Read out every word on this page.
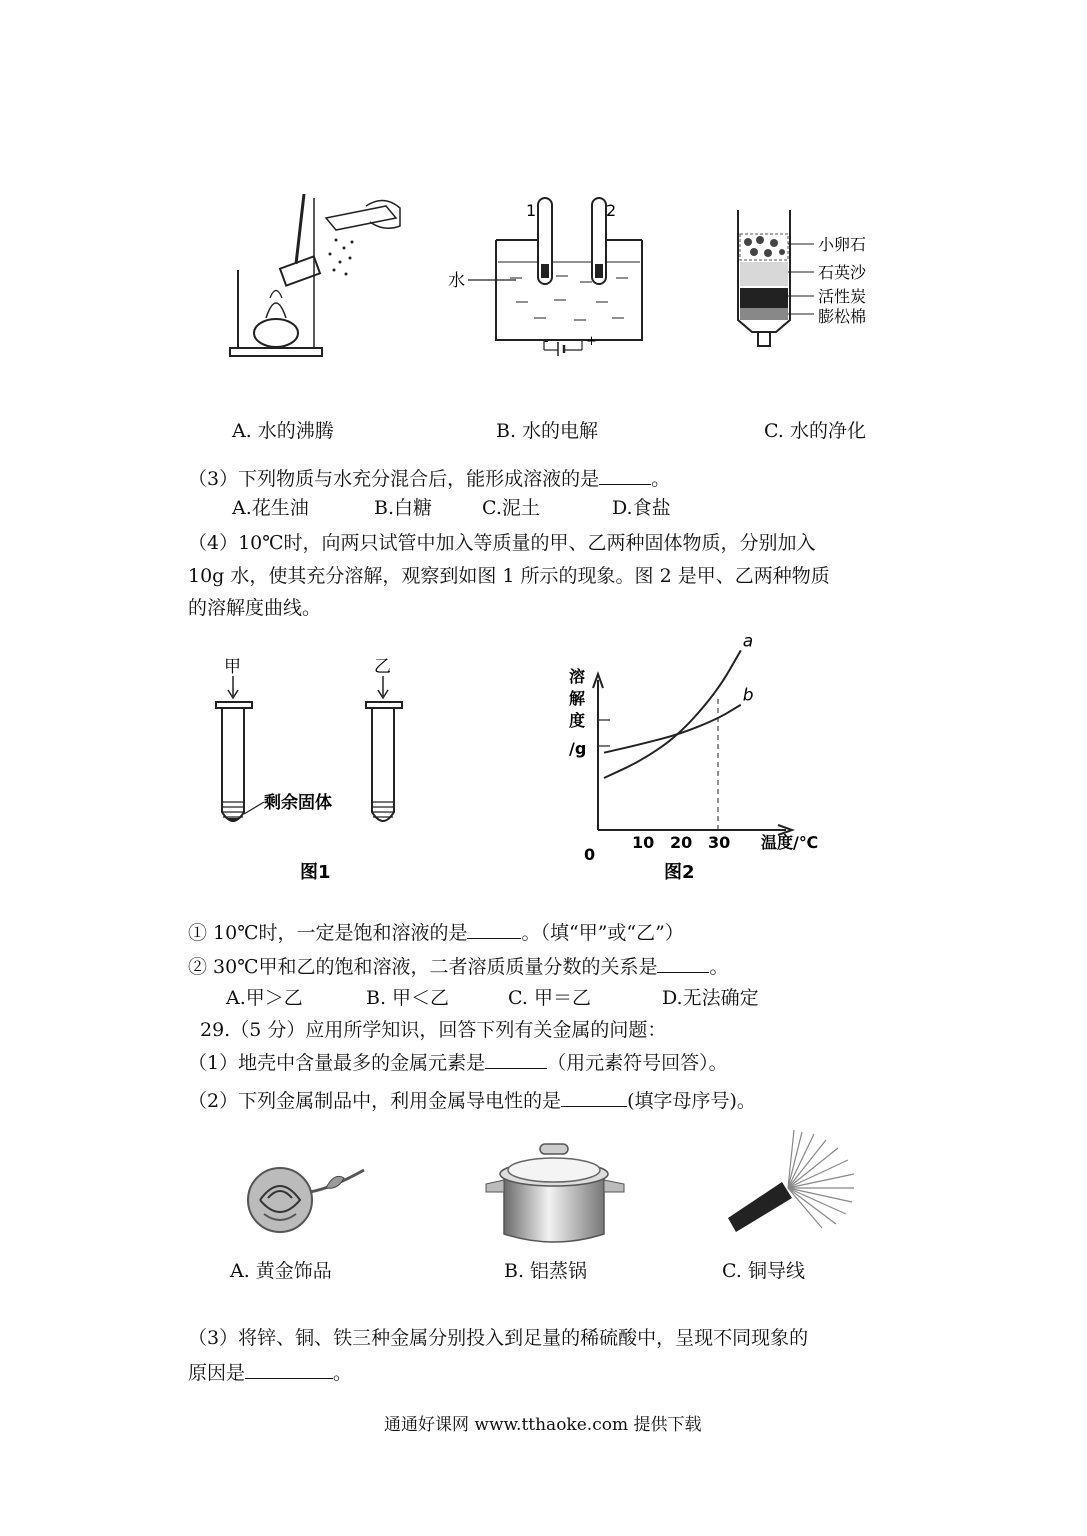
1	2
水
-	+
小卵石
石英沙
活性炭
膨松棉
A. 水的沸腾	B. 水的电解	C. 水的净化
（3）下列物质与水充分混合后，能形成溶液的是	。
A.花生油	B.白糖	C.泥土	D.食盐
（4）10℃时，向两只试管中加入等质量的甲、乙两种固体物质，分别加入
10g 水，使其充分溶解，观察到如图 1 所示的现象。图 2 是甲、乙两种物质
的溶解度曲线。
甲	乙
剩余固体
图1
溶
解
度
/g
0
温度/℃
10 20 30
a
b
图2
① 10℃时，一定是饱和溶液的是	。（填“甲”或“乙”）
② 30℃甲和乙的饱和溶液，二者溶质质量分数的关系是	。
A.甲＞乙	B. 甲＜乙	C. 甲＝乙	D.无法确定
29.（5 分）应用所学知识，回答下列有关金属的问题：
（1）地壳中含量最多的金属元素是	（用元素符号回答）。
（2）下列金属制品中，利用金属导电性的是	(填字母序号)。
A. 黄金饰品	B. 铝蒸锅	C. 铜导线
（3）将锌、铜、铁三种金属分别投入到足量的稀硫酸中，呈现不同现象的
原因是	。
通通好课网 www.tthaoke.com 提供下载
